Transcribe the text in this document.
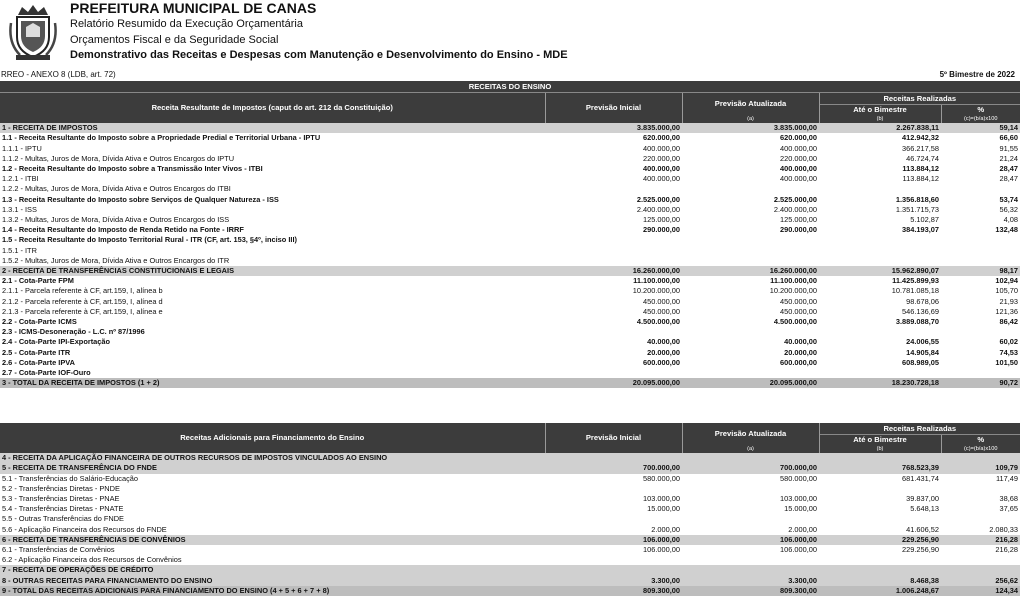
PREFEITURA MUNICIPAL DE CANAS
Relatório Resumido da Execução Orçamentária
Orçamentos Fiscal e da Seguridade Social
Demonstrativo das Receitas e Despesas com Manutenção e Desenvolvimento do Ensino - MDE
RREO - ANEXO 8 (LDB, art. 72)	5º Bimestre de 2022
RECEITAS DO ENSINO				
Receita Resultante de Impostos (caput do art. 212 da Constituição)	Previsão Inicial	Previsão Atualizada	Receitas Realizadas	
			Até o Bimestre	%
		(a)	(b)	(c)=(b/a)x100
1 - RECEITA DE IMPOSTOS	3.835.000,00	3.835.000,00	2.267.838,11	59,14
1.1 - Receita Resultante do Imposto sobre a Propriedade Predial e Territorial Urbana - IPTU	620.000,00	620.000,00	412.942,32	66,60
1.1.1 - IPTU	400.000,00	400.000,00	366.217,58	91,55
1.1.2 - Multas, Juros de Mora, Dívida Ativa e Outros Encargos do IPTU	220.000,00	220.000,00	46.724,74	21,24
1.2 - Receita Resultante do Imposto sobre a Transmissão Inter Vivos - ITBI	400.000,00	400.000,00	113.884,12	28,47
1.2.1 - ITBI	400.000,00	400.000,00	113.884,12	28,47
1.2.2 - Multas, Juros de Mora, Dívida Ativa e Outros Encargos do ITBI				
1.3 - Receita Resultante do Imposto sobre Serviços de Qualquer Natureza - ISS	2.525.000,00	2.525.000,00	1.356.818,60	53,74
1.3.1 - ISS	2.400.000,00	2.400.000,00	1.351.715,73	56,32
1.3.2 - Multas, Juros de Mora, Dívida Ativa e Outros Encargos do ISS	125.000,00	125.000,00	5.102,87	4,08
1.4 - Receita Resultante do Imposto de Renda Retido na Fonte - IRRF	290.000,00	290.000,00	384.193,07	132,48
1.5 - Receita Resultante do Imposto Territorial Rural - ITR (CF, art. 153, §4º, inciso III)				
1.5.1 - ITR				
1.5.2 - Multas, Juros de Mora, Dívida Ativa e Outros Encargos do ITR				
2 - RECEITA DE TRANSFERÊNCIAS CONSTITUCIONAIS E LEGAIS	16.260.000,00	16.260.000,00	15.962.890,07	98,17
2.1 - Cota-Parte FPM	11.100.000,00	11.100.000,00	11.425.899,93	102,94
2.1.1 - Parcela referente à CF, art.159, I, alínea b	10.200.000,00	10.200.000,00	10.781.085,18	105,70
2.1.2 - Parcela referente à CF, art.159, I, alínea d	450.000,00	450.000,00	98.678,06	21,93
2.1.3 - Parcela referente à CF, art.159, I, alínea e	450.000,00	450.000,00	546.136,69	121,36
2.2 - Cota-Parte ICMS	4.500.000,00	4.500.000,00	3.889.088,70	86,42
2.3 - ICMS-Desoneração - L.C. nº 87/1996				
2.4 - Cota-Parte IPI-Exportação	40.000,00	40.000,00	24.006,55	60,02
2.5 - Cota-Parte ITR	20.000,00	20.000,00	14.905,84	74,53
2.6 - Cota-Parte IPVA	600.000,00	600.000,00	608.989,05	101,50
2.7 - Cota-Parte IOF-Ouro				
3 - TOTAL DA RECEITA DE IMPOSTOS (1 + 2)	20.095.000,00	20.095.000,00	18.230.728,18	90,72
Receitas Adicionais para Financiamento do Ensino	Previsão Inicial	Previsão Atualizada	Receitas Realizadas	
			Até o Bimestre	%
		(a)	(b)	(c)=(b/a)x100
4 - RECEITA DA APLICAÇÃO FINANCEIRA DE OUTROS RECURSOS DE IMPOSTOS VINCULADOS AO ENSINO				
5 - RECEITA DE TRANSFERÊNCIA DO FNDE	700.000,00	700.000,00	768.523,39	109,79
5.1 - Transferências do Salário-Educação	580.000,00	580.000,00	681.431,74	117,49
5.2 - Transferências Diretas - PNDE				
5.3 - Transferências Diretas - PNAE	103.000,00	103.000,00	39.837,00	38,68
5.4 - Transferências Diretas - PNATE	15.000,00	15.000,00	5.648,13	37,65
5.5 - Outras Transferências do FNDE				
5.6 - Aplicação Financeira dos Recursos do FNDE	2.000,00	2.000,00	41.606,52	2.080,33
6 - RECEITA DE TRANSFERÊNCIAS DE CONVÊNIOS	106.000,00	106.000,00	229.256,90	216,28
6.1 - Transferências de Convênios	106.000,00	106.000,00	229.256,90	216,28
6.2 - Aplicação Financeira dos Recursos de Convênios				
7 - RECEITA DE OPERAÇÕES DE CRÉDITO				
8 - OUTRAS RECEITAS PARA FINANCIAMENTO DO ENSINO	3.300,00	3.300,00	8.468,38	256,62
9 - TOTAL DAS RECEITAS ADICIONAIS PARA FINANCIAMENTO DO ENSINO (4 + 5 + 6 + 7 + 8)	809.300,00	809.300,00	1.006.248,67	124,34
